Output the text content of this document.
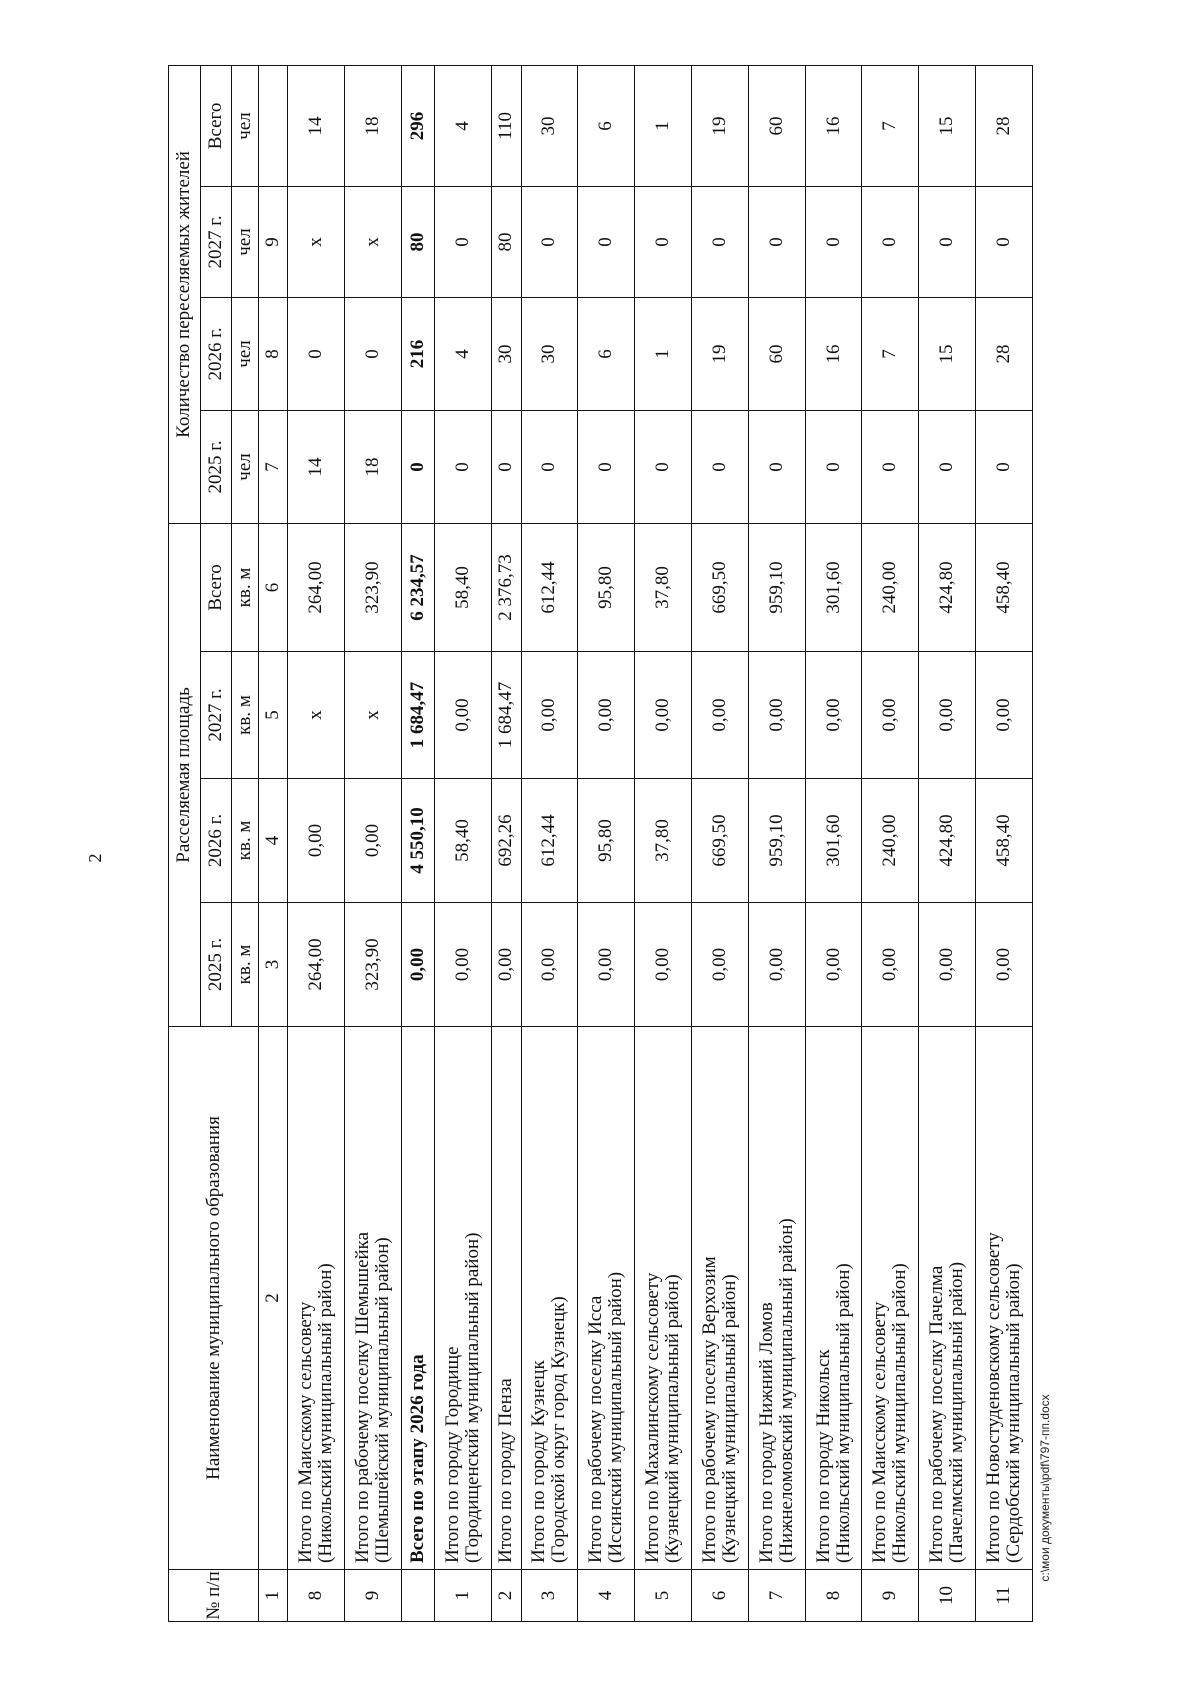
2
№ п/п	Наименование муниципального образования	Расселяемая площадь				Количество переселяемых жителей			
		2025 г.	2026 г.	2027 г.	Всего	2025 г.	2026 г.	2027 г.	Всего
		кв. м	кв. м	кв. м	кв. м	чел	чел	чел	чел
1	2	3	4	5	6	7	8	9	
8	Итого по Маисскому сельсовету
(Никольский муниципальный район)	264,00	0,00	х	264,00	14	0	х	14
9	Итого по рабочему поселку Шемышейка
(Шемышейский муниципальный район)	323,90	0,00	х	323,90	18	0	х	18

	Всего по этапу 2026 года	0,00	4 550,10	1 684,47	6 234,57	0	216	80	296
1	Итого по городу Городище
(Городищенский муниципальный район)	0,00	58,40	0,00	58,40	0	4	0	4
2	Итого по городу Пенза	0,00	692,26	1 684,47	2 376,73	0	30	80	110
3	Итого по городу Кузнецк
(Городской округ город Кузнецк)	0,00	612,44	0,00	612,44	0	30	0	30
4	Итого по рабочему поселку Исса
(Иссинский муниципальный район)	0,00	95,80	0,00	95,80	0	6	0	6
5	Итого по Махалинскому сельсовету
(Кузнецкий муниципальный район)	0,00	37,80	0,00	37,80	0	1	0	1
6	Итого по рабочему поселку Верхозим
(Кузнецкий муниципальный район)	0,00	669,50	0,00	669,50	0	19	0	19
7	Итого по городу Нижний Ломов
(Нижнеломовский муниципальный район)	0,00	959,10	0,00	959,10	0	60	0	60
8	Итого по городу Никольск
(Никольский муниципальный район)	0,00	301,60	0,00	301,60	0	16	0	16
9	Итого по Маисскому сельсовету
(Никольский муниципальный район)	0,00	240,00	0,00	240,00	0	7	0	7
10	Итого по рабочему поселку Пачелма
(Пачелмский муниципальный район)	0,00	424,80	0,00	424,80	0	15	0	15
11	Итого по Новостуденовскому сельсовету
(Сердобский муниципальный район)	0,00	458,40	0,00	458,40	0	28	0	28
c:\мои документы\pdf\797-пп.docx
